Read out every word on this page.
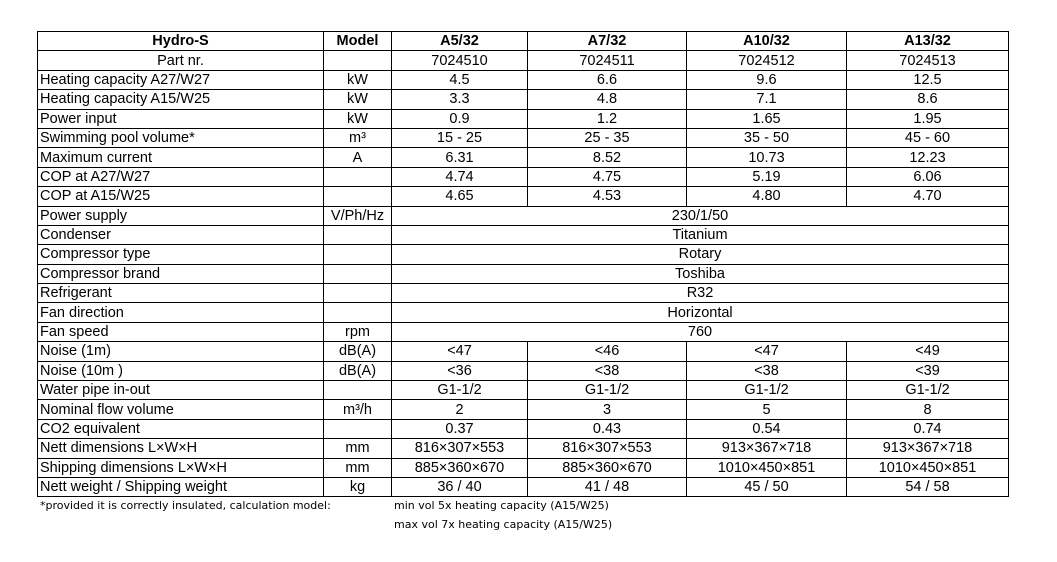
Hydro-S	Model	A5/32	A7/32	A10/32	A13/32
Part nr.		7024510	7024511	7024512	7024513
Heating capacity A27/W27	kW	4.5	6.6	9.6	12.5
Heating capacity A15/W25	kW	3.3	4.8	7.1	8.6
Power input	kW	0.9	1.2	1.65	1.95
Swimming pool volume*	m³	15 - 25	25 - 35	35 - 50	45 - 60
Maximum current	A	6.31	8.52	10.73	12.23
COP at A27/W27		4.74	4.75	5.19	6.06
COP at A15/W25		4.65	4.53	4.80	4.70
Power supply	V/Ph/Hz	230/1/50			
Condenser		Titanium			
Compressor type		Rotary			
Compressor brand		Toshiba			
Refrigerant		R32			
Fan direction		Horizontal			
Fan speed	rpm	760			
Noise (1m)	dB(A)	<47	<46	<47	<49
Noise (10m )	dB(A)	<36	<38	<38	<39
Water pipe in-out		G1-1/2	G1-1/2	G1-1/2	G1-1/2
Nominal flow volume	m³/h	2	3	5	8
CO2 equivalent		0.37	0.43	0.54	0.74
Nett dimensions L×W×H	mm	816×307×553	816×307×553	913×367×718	913×367×718
Shipping dimensions L×W×H	mm	885×360×670	885×360×670	1010×450×851	1010×450×851
Nett weight / Shipping weight	kg	36 / 40	41 / 48	45 / 50	54 / 58
*provided it is correctly insulated, calculation model:	min vol 5x heating capacity (A15/W25)
max vol 7x heating capacity (A15/W25)
